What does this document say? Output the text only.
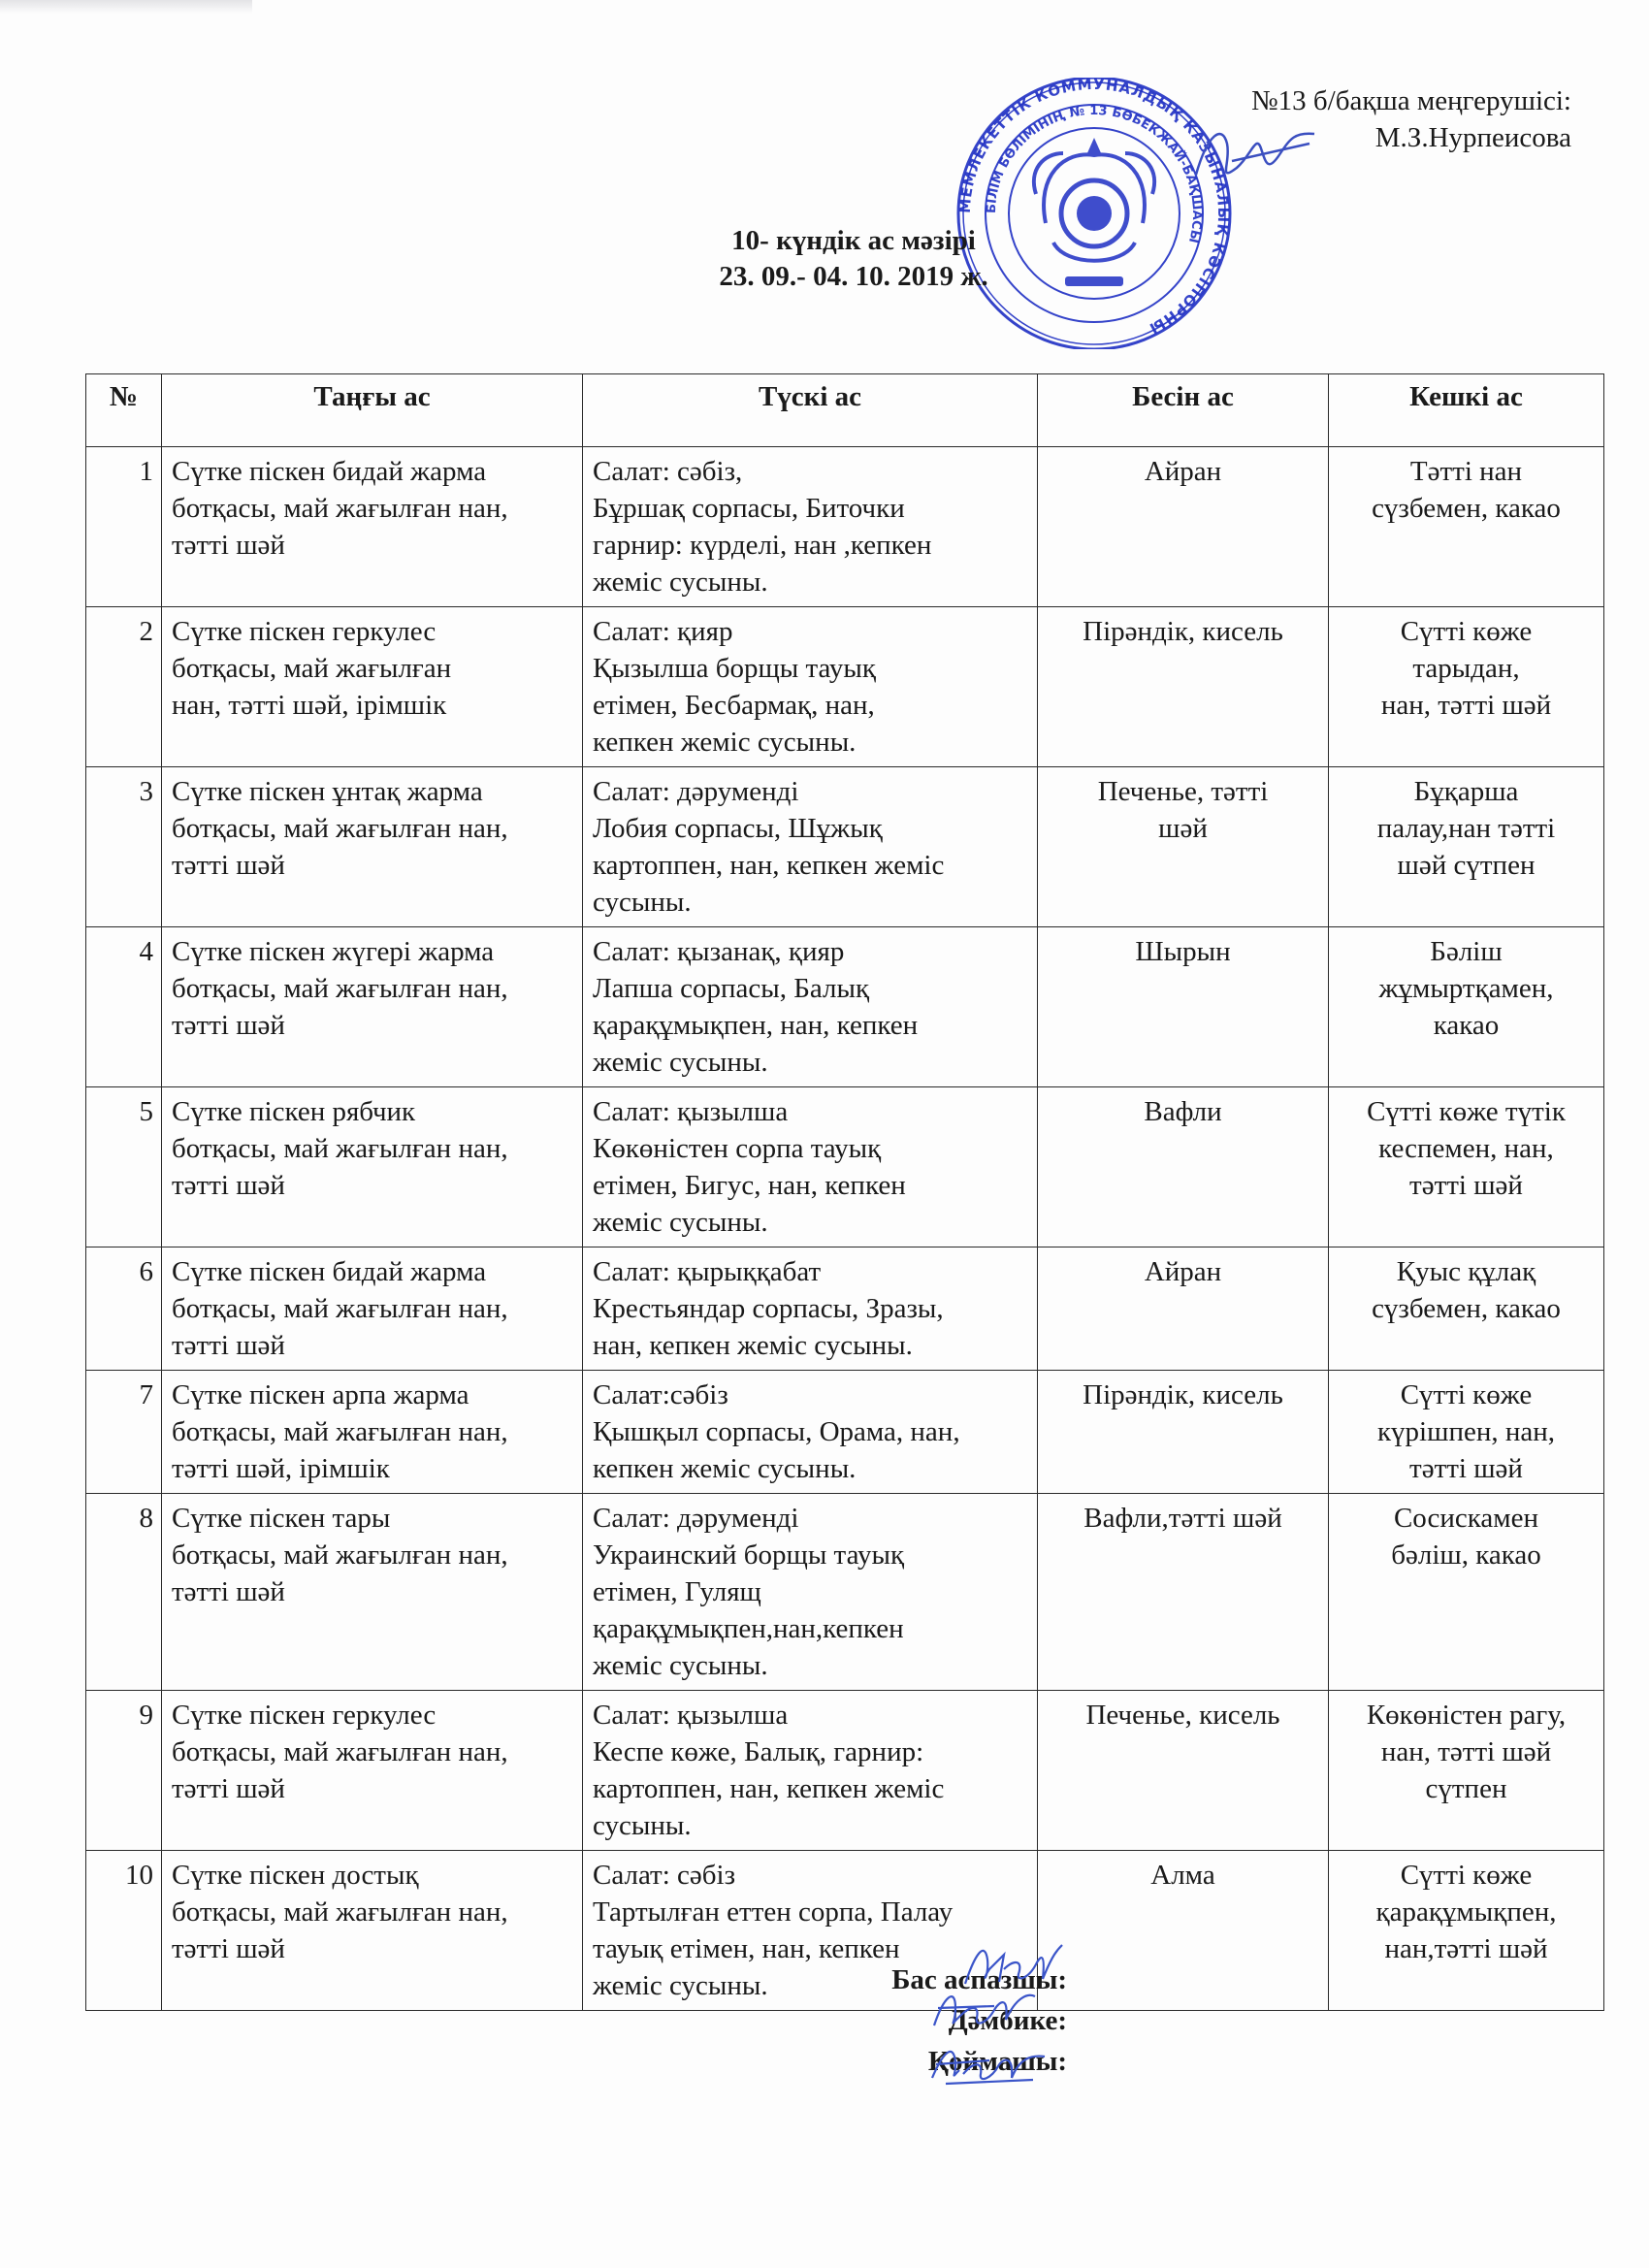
МЕМЛЕКЕТТІК КОММУНАЛДЫҚ КАЗЫНАЛЫҚ КӘСІПОРНЫ
БІЛІМ БӨЛІМІНІҢ № 13 БӨБЕКЖАЙ-БАҚШАСЫ
№13 б/бақша меңгерушісі:
М.З.Нурпеисова
10- күндік ас мәзірі
23. 09.- 04. 10. 2019 ж.
№	Таңғы ас	Түскі ас	Бесін ас	Кешкі ас
1	Сүтке піскен бидай жарма
ботқасы, май жағылған нан,
тәтті шәй	Салат: сәбіз,
Бұршақ сорпасы, Биточки
гарнир: күрделі, нан ,кепкен
жеміс сусыны.	Айран	Тәтті нан
сүзбемен, какао

2	Сүтке піскен геркулес
ботқасы, май жағылған
нан, тәтті шәй, ірімшік	Салат: қияр
Қызылша борщы тауық
етімен, Бесбармақ, нан,
кепкен жеміс сусыны.	Пірәндік, кисель	Сүтті көже
тарыдан,
нан, тәтті шәй

3	Сүтке піскен ұнтақ жарма
ботқасы, май жағылған нан,
тәтті шәй	Салат: дәруменді
Лобия сорпасы, Шұжық
картоппен, нан, кепкен жеміс
сусыны.	Печенье, тәтті
шәй	Бұқарша
палау,нан тәтті
шәй сүтпен

4	Сүтке піскен жүгері жарма
ботқасы, май жағылған нан,
тәтті шәй	Салат: қызанақ, қияр
Лапша сорпасы, Балық
қарақұмықпен, нан, кепкен
жеміс сусыны.	Шырын	Бәліш
жұмыртқамен,
какао

5	Сүтке піскен рябчик
ботқасы, май жағылған нан,
тәтті шәй	Салат: қызылша
Көкөністен сорпа тауық
етімен, Бигус, нан, кепкен
жеміс сусыны.	Вафли	Сүтті көже түтік
кеспемен, нан,
тәтті шәй

6	Сүтке піскен бидай жарма
ботқасы, май жағылған нан,
тәтті шәй	Салат: қырыққабат
Крестьяндар сорпасы, Зразы,
нан, кепкен жеміс сусыны.	Айран	Қуыс құлақ
сүзбемен, какао

7	Сүтке піскен арпа жарма
ботқасы, май жағылған нан,
тәтті шәй, ірімшік	Салат:сәбіз
Қышқыл сорпасы, Орама, нан,
кепкен жеміс сусыны.	Пірәндік, кисель	Сүтті көже
күрішпен, нан,
тәтті шәй

8	Сүтке піскен тары
ботқасы, май жағылған нан,
тәтті шәй	Салат: дәруменді
Украинский борщы тауық
етімен, Гулящ
қарақұмықпен,нан,кепкен
жеміс сусыны.	Вафли,тәтті шәй	Сосискамен
бәліш, какао

9	Сүтке піскен геркулес
ботқасы, май жағылған нан,
тәтті шәй	Салат: қызылша
Кеспе көже, Балық, гарнир:
картоппен, нан, кепкен жеміс
сусыны.	Печенье, кисель	Көкөністен рагу,
нан, тәтті шәй
сүтпен

10	Сүтке піскен достық
ботқасы, май жағылған нан,
тәтті шәй	Салат: сәбіз
Тартылған еттен сорпа, Палау
тауық етімен, нан, кепкен
жеміс сусыны.	Алма	Сүтті көже
қарақұмықпен,
нан,тәтті шәй
Бас аспазшы:
Дәмбике:
Қоймашы:
